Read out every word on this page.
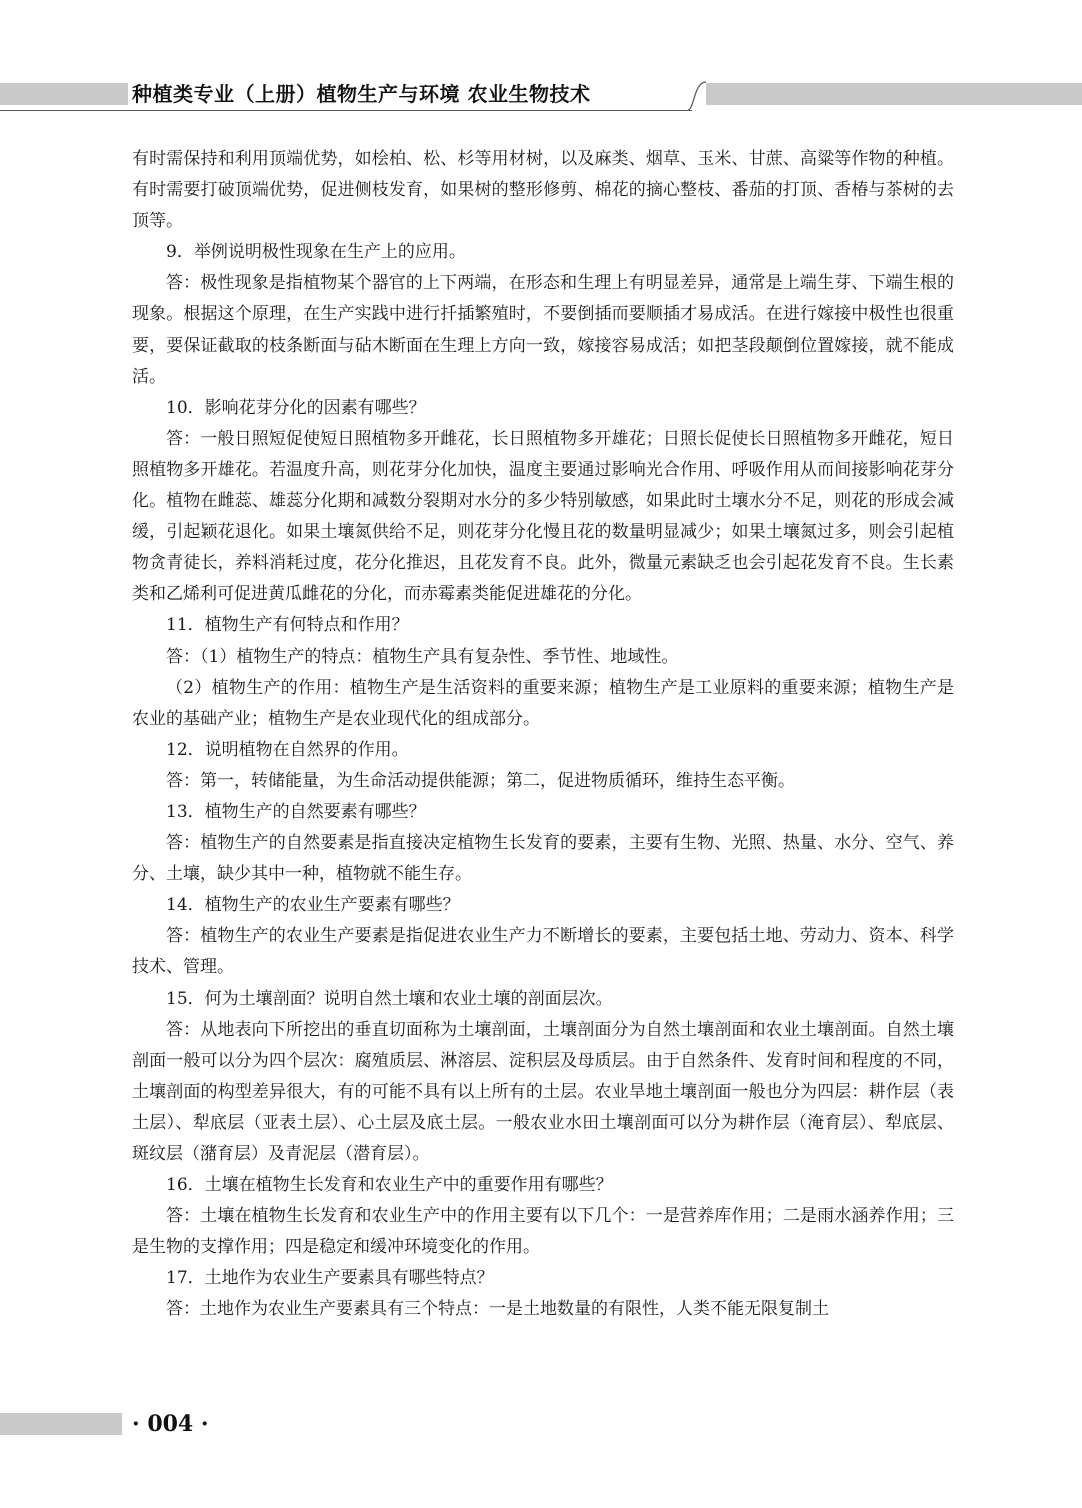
种植类专业（上册）植物生产与环境 农业生物技术

有时需保持和利用顶端优势，如桧柏、松、杉等用材树，以及麻类、烟草、玉米、甘蔗、高粱等作物的种植。有时需要打破顶端优势，促进侧枝发育，如果树的整形修剪、棉花的摘心整枝、番茄的打顶、香椿与茶树的去顶等。

9．举例说明极性现象在生产上的应用。

答：极性现象是指植物某个器官的上下两端，在形态和生理上有明显差异，通常是上端生芽、下端生根的现象。根据这个原理，在生产实践中进行扦插繁殖时，不要倒插而要顺插才易成活。在进行嫁接中极性也很重要，要保证截取的枝条断面与砧木断面在生理上方向一致，嫁接容易成活；如把茎段颠倒位置嫁接，就不能成活。

10．影响花芽分化的因素有哪些？

答：一般日照短促使短日照植物多开雌花，长日照植物多开雄花；日照长促使长日照植物多开雌花，短日照植物多开雄花。若温度升高，则花芽分化加快，温度主要通过影响光合作用、呼吸作用从而间接影响花芽分化。植物在雌蕊、雄蕊分化期和减数分裂期对水分的多少特别敏感，如果此时土壤水分不足，则花的形成会减缓，引起颖花退化。如果土壤氮供给不足，则花芽分化慢且花的数量明显减少；如果土壤氮过多，则会引起植物贪青徒长，养料消耗过度，花分化推迟，且花发育不良。此外，微量元素缺乏也会引起花发育不良。生长素类和乙烯利可促进黄瓜雌花的分化，而赤霉素类能促进雄花的分化。

11．植物生产有何特点和作用？

答：（1）植物生产的特点：植物生产具有复杂性、季节性、地域性。

（2）植物生产的作用：植物生产是生活资料的重要来源；植物生产是工业原料的重要来源；植物生产是农业的基础产业；植物生产是农业现代化的组成部分。

12．说明植物在自然界的作用。

答：第一，转储能量，为生命活动提供能源；第二，促进物质循环，维持生态平衡。

13．植物生产的自然要素有哪些？

答：植物生产的自然要素是指直接决定植物生长发育的要素，主要有生物、光照、热量、水分、空气、养分、土壤，缺少其中一种，植物就不能生存。

14．植物生产的农业生产要素有哪些？

答：植物生产的农业生产要素是指促进农业生产力不断增长的要素，主要包括土地、劳动力、资本、科学技术、管理。

15．何为土壤剖面？说明自然土壤和农业土壤的剖面层次。

答：从地表向下所挖出的垂直切面称为土壤剖面，土壤剖面分为自然土壤剖面和农业土壤剖面。自然土壤剖面一般可以分为四个层次：腐殖质层、淋溶层、淀积层及母质层。由于自然条件、发育时间和程度的不同，土壤剖面的构型差异很大，有的可能不具有以上所有的土层。农业旱地土壤剖面一般也分为四层：耕作层（表土层）、犁底层（亚表土层）、心土层及底土层。一般农业水田土壤剖面可以分为耕作层（淹育层）、犁底层、斑纹层（潴育层）及青泥层（潜育层）。

16．土壤在植物生长发育和农业生产中的重要作用有哪些？

答：土壤在植物生长发育和农业生产中的作用主要有以下几个：一是营养库作用；二是雨水涵养作用；三是生物的支撑作用；四是稳定和缓冲环境变化的作用。

17．土地作为农业生产要素具有哪些特点？

答：土地作为农业生产要素具有三个特点：一是土地数量的有限性，人类不能无限复制土

· 004 ·
